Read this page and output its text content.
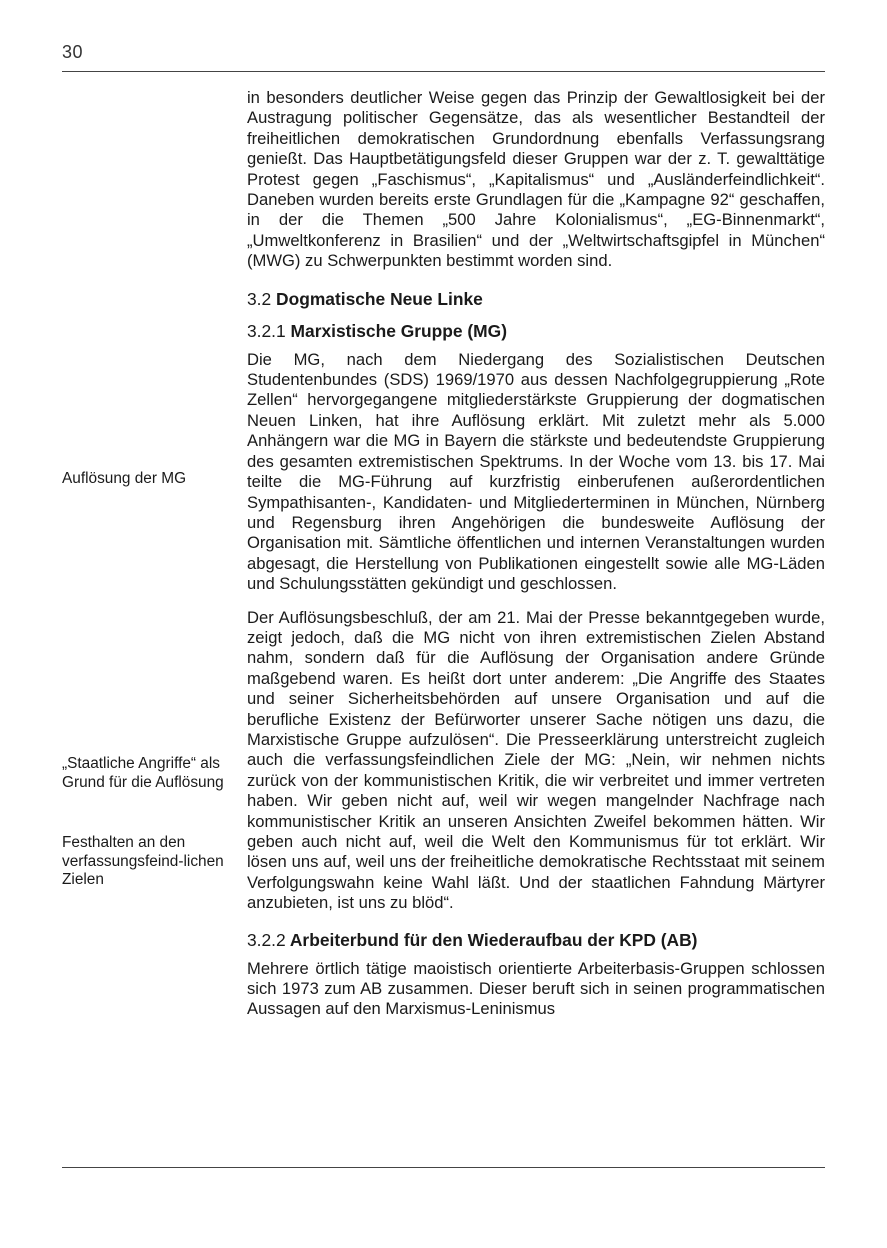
30
Auflösung der MG
„Staatliche Angriffe“ als Grund für die Auflösung
Festhalten an den verfassungsfeind-lichen Zielen

in besonders deutlicher Weise gegen das Prinzip der Gewaltlosigkeit bei der Austragung politischer Gegensätze, das als wesentlicher Bestandteil der freiheitlichen demokratischen Grundordnung ebenfalls Verfassungsrang genießt. Das Hauptbetätigungsfeld dieser Gruppen war der z. T. gewalttätige Protest gegen „Faschismus“, „Kapitalismus“ und „Ausländerfeindlichkeit“. Daneben wurden bereits erste Grundlagen für die „Kampagne 92“ geschaffen, in der die Themen „500 Jahre Kolonialismus“, „EG-Binnenmarkt“, „Umweltkonferenz in Brasilien“ und der „Weltwirtschaftsgipfel in München“ (MWG) zu Schwerpunkten bestimmt worden sind.

3.2 Dogmatische Neue Linke
3.2.1 Marxistische Gruppe (MG)

Die MG, nach dem Niedergang des Sozialistischen Deutschen Studentenbundes (SDS) 1969/1970 aus dessen Nachfolgegruppierung „Rote Zellen“ hervorgegangene mitgliederstärkste Gruppierung der dogmatischen Neuen Linken, hat ihre Auflösung erklärt. Mit zuletzt mehr als 5.000 Anhängern war die MG in Bayern die stärkste und bedeutendste Gruppierung des gesamten extremistischen Spektrums. In der Woche vom 13. bis 17. Mai teilte die MG-Führung auf kurzfristig einberufenen außerordentlichen Sympathisanten-, Kandidaten- und Mitgliederterminen in München, Nürnberg und Regensburg ihren Angehörigen die bundesweite Auflösung der Organisation mit. Sämtliche öffentlichen und internen Veranstaltungen wurden abgesagt, die Herstellung von Publikationen eingestellt sowie alle MG-Läden und Schulungsstätten gekündigt und geschlossen.

Der Auflösungsbeschluß, der am 21. Mai der Presse bekanntgegeben wurde, zeigt jedoch, daß die MG nicht von ihren extremistischen Zielen Abstand nahm, sondern daß für die Auflösung der Organisation andere Gründe maßgebend waren. Es heißt dort unter anderem: „Die Angriffe des Staates und seiner Sicherheitsbehörden auf unsere Organisation und auf die berufliche Existenz der Befürworter unserer Sache nötigen uns dazu, die Marxistische Gruppe aufzulösen“. Die Presseerklärung unterstreicht zugleich auch die verfassungsfeindlichen Ziele der MG: „Nein, wir nehmen nichts zurück von der kommunistischen Kritik, die wir verbreitet und immer vertreten haben. Wir geben nicht auf, weil wir wegen mangelnder Nachfrage nach kommunistischer Kritik an unseren Ansichten Zweifel bekommen hätten. Wir geben auch nicht auf, weil die Welt den Kommunismus für tot erklärt. Wir lösen uns auf, weil uns der freiheitliche demokratische Rechtsstaat mit seinem Verfolgungswahn keine Wahl läßt. Und der staatlichen Fahndung Märtyrer anzubieten, ist uns zu blöd“.

3.2.2 Arbeiterbund für den Wiederaufbau der KPD (AB)

Mehrere örtlich tätige maoistisch orientierte Arbeiterbasis-Gruppen schlossen sich 1973 zum AB zusammen. Dieser beruft sich in seinen programmatischen Aussagen auf den Marxismus-Leninismus
